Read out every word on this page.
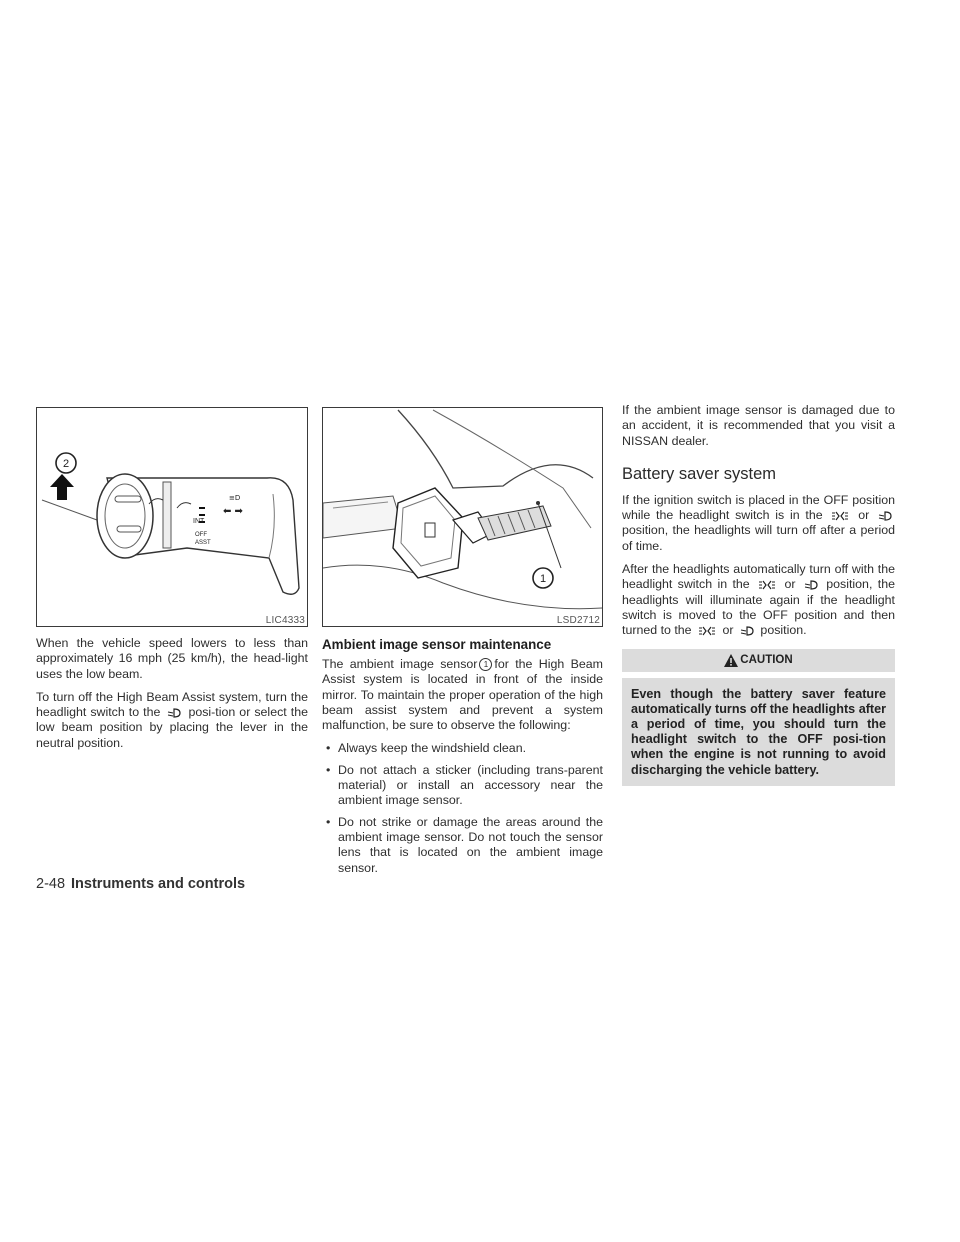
2
INT
OFF
ASST
⬅ ➡
≡D
LIC4333

When the vehicle speed lowers to less than approximately 16 mph (25 km/h), the head-light uses the low beam.

To turn off the High Beam Assist system, turn the headlight switch to the posi-tion or select the low beam position by placing the lever in the neutral position.

1
LSD2712
Ambient image sensor maintenance

The ambient image sensor 1 for the High Beam Assist system is located in front of the inside mirror. To maintain the proper operation of the high beam assist system and prevent a system malfunction, be sure to observe the following:

• Always keep the windshield clean.
• Do not attach a sticker (including trans-parent material) or install an accessory near the ambient image sensor.
• Do not strike or damage the areas around the ambient image sensor. Do not touch the sensor lens that is located on the ambient image sensor.

If the ambient image sensor is damaged due to an accident, it is recommended that you visit a NISSAN dealer.

Battery saver system

If the ignition switch is placed in the OFF position while the headlight switch is in the	or  position, the headlights will turn off after a period of time.

After the headlights automatically turn off with the headlight switch in the	or position, the headlights will illuminate again if the headlight switch is moved to the OFF position and then turned to the or position.

CAUTION
Even though the battery saver feature automatically turns off the headlights after a period of time, you should turn the headlight switch to the OFF posi-tion when the engine is not running to avoid discharging the vehicle battery.
2-48 Instruments and controls
